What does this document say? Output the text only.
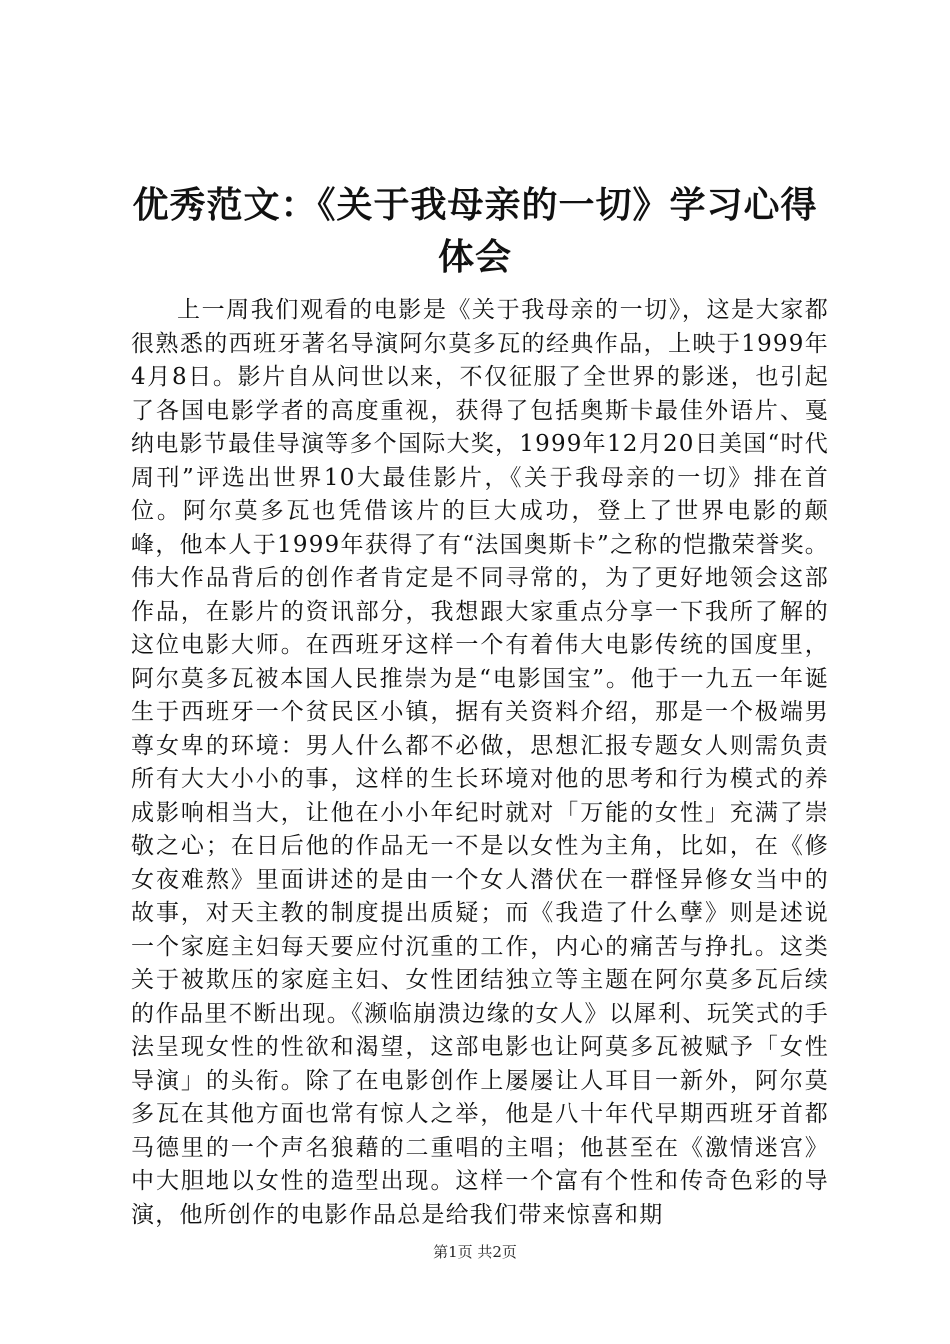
优秀范文：《关于我母亲的一切》学习心得体会

上一周我们观看的电影是《关于我母亲的一切》，这是大家都很熟悉的西班牙著名导演阿尔莫多瓦的经典作品，上映于1999年4月8日。影片自从问世以来，不仅征服了全世界的影迷，也引起了各国电影学者的高度重视，获得了包括奥斯卡最佳外语片、戛纳电影节最佳导演等多个国际大奖，1999年12月20日美国“时代周刊”评选出世界10大最佳影片，《关于我母亲的一切》排在首位。阿尔莫多瓦也凭借该片的巨大成功，登上了世界电影的颠峰，他本人于1999年获得了有“法国奥斯卡”之称的恺撒荣誉奖。伟大作品背后的创作者肯定是不同寻常的，为了更好地领会这部作品，在影片的资讯部分，我想跟大家重点分享一下我所了解的这位电影大师。在西班牙这样一个有着伟大电影传统的国度里，阿尔莫多瓦被本国人民推崇为是“电影国宝”。他于一九五一年诞生于西班牙一个贫民区小镇，据有关资料介绍，那是一个极端男尊女卑的环境：男人什么都不必做，思想汇报专题女人则需负责所有大大小小的事，这样的生长环境对他的思考和行为模式的养成影响相当大，让他在小小年纪时就对「万能的女性」充满了崇敬之心；在日后他的作品无一不是以女性为主角，比如，在《修女夜难熬》里面讲述的是由一个女人潜伏在一群怪异修女当中的故事，对天主教的制度提出质疑；而《我造了什么孽》则是述说一个家庭主妇每天要应付沉重的工作，内心的痛苦与挣扎。这类关于被欺压的家庭主妇、女性团结独立等主题在阿尔莫多瓦后续的作品里不断出现。《濒临崩溃边缘的女人》以犀利、玩笑式的手法呈现女性的性欲和渴望，这部电影也让阿莫多瓦被赋予「女性导演」的头衔。除了在电影创作上屡屡让人耳目一新外，阿尔莫多瓦在其他方面也常有惊人之举，他是八十年代早期西班牙首都马德里的一个声名狼藉的二重唱的主唱；他甚至在《激情迷宫》中大胆地以女性的造型出现。这样一个富有个性和传奇色彩的导演，他所创作的电影作品总是给我们带来惊喜和期

第1页 共2页
